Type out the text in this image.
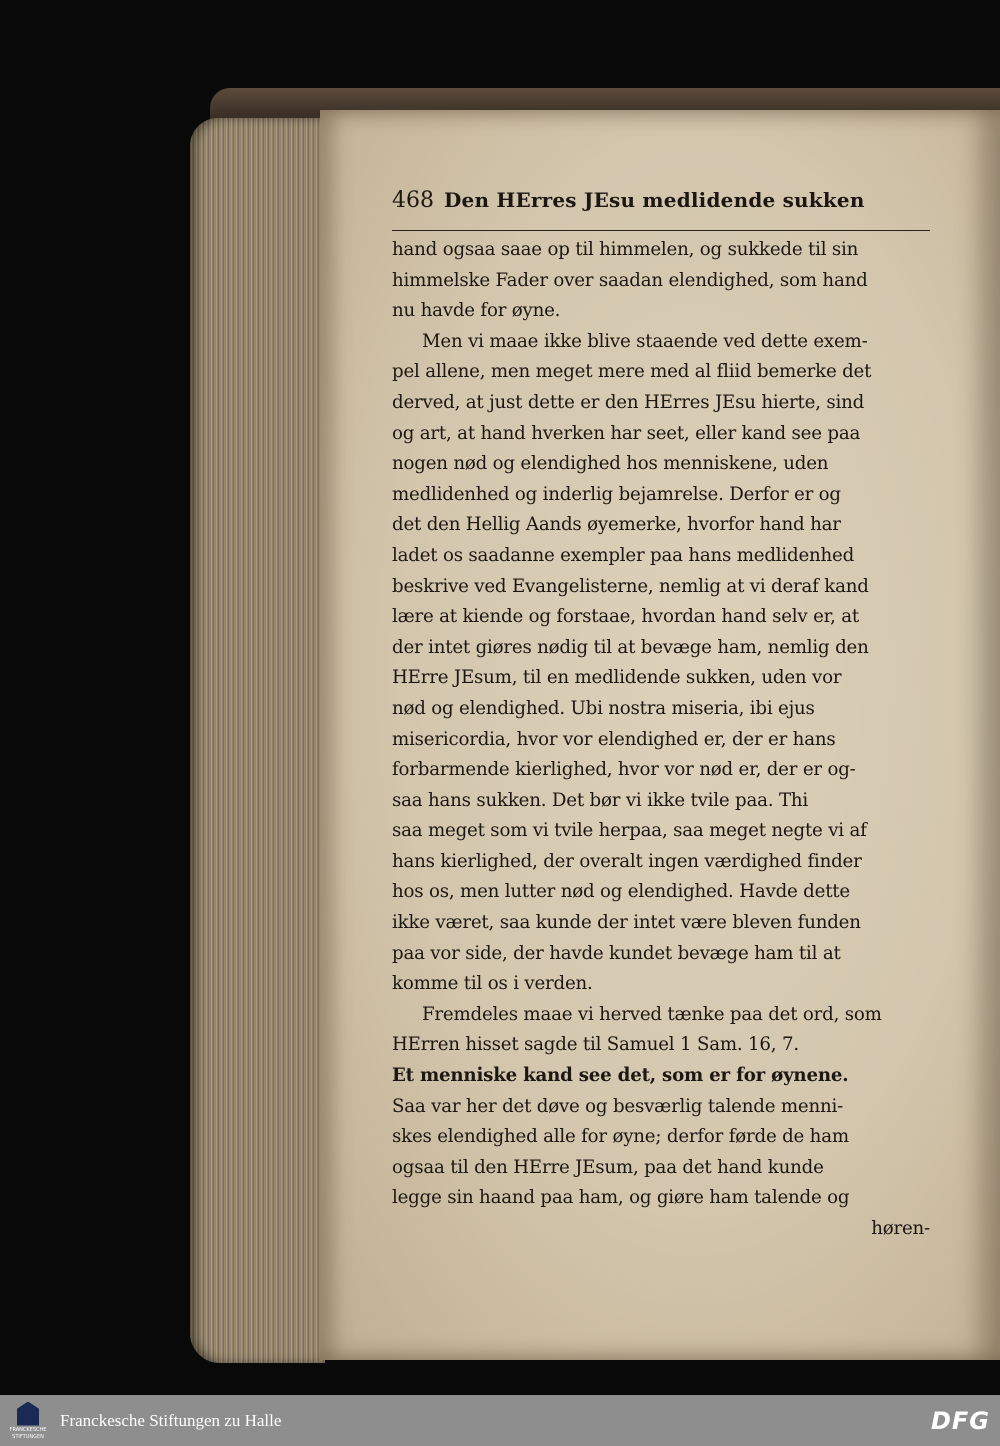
468 Den HErres JEsu medlidende sukken
hand ogsaa saae op til himmelen, og sukkede til sin
himmelske Fader over saadan elendighed, som hand
nu havde for øyne.
Men vi maae ikke blive staaende ved dette exem-
pel allene, men meget mere med al fliid bemerke det
derved, at just dette er den HErres JEsu hierte, sind
og art, at hand hverken har seet, eller kand see paa
nogen nød og elendighed hos menniskene, uden
medlidenhed og inderlig bejamrelse. Derfor er og
det den Hellig Aands øyemerke, hvorfor hand har
ladet os saadanne exempler paa hans medlidenhed
beskrive ved Evangelisterne, nemlig at vi deraf kand
lære at kiende og forstaae, hvordan hand selv er, at
der intet giøres nødig til at bevæge ham, nemlig den
HErre JEsum, til en medlidende sukken, uden vor
nød og elendighed. Ubi nostra miseria, ibi ejus
misericordia, hvor vor elendighed er, der er hans
forbarmende kierlighed, hvor vor nød er, der er og-
saa hans sukken. Det bør vi ikke tvile paa. Thi
saa meget som vi tvile herpaa, saa meget negte vi af
hans kierlighed, der overalt ingen værdighed finder
hos os, men lutter nød og elendighed. Havde dette
ikke været, saa kunde der intet være bleven funden
paa vor side, der havde kundet bevæge ham til at
komme til os i verden.
Fremdeles maae vi herved tænke paa det ord, som
HErren hisset sagde til Samuel 1 Sam. 16, 7.
Et menniske kand see det, som er for øynene.
Saa var her det døve og besværlig talende menni-
skes elendighed alle for øyne; derfor førde de ham
ogsaa til den HErre JEsum, paa det hand kunde
legge sin haand paa ham, og giøre ham talende og
høren-
FRANCKESCHE
STIFTUNGEN
Franckesche Stiftungen zu Halle	DFG
